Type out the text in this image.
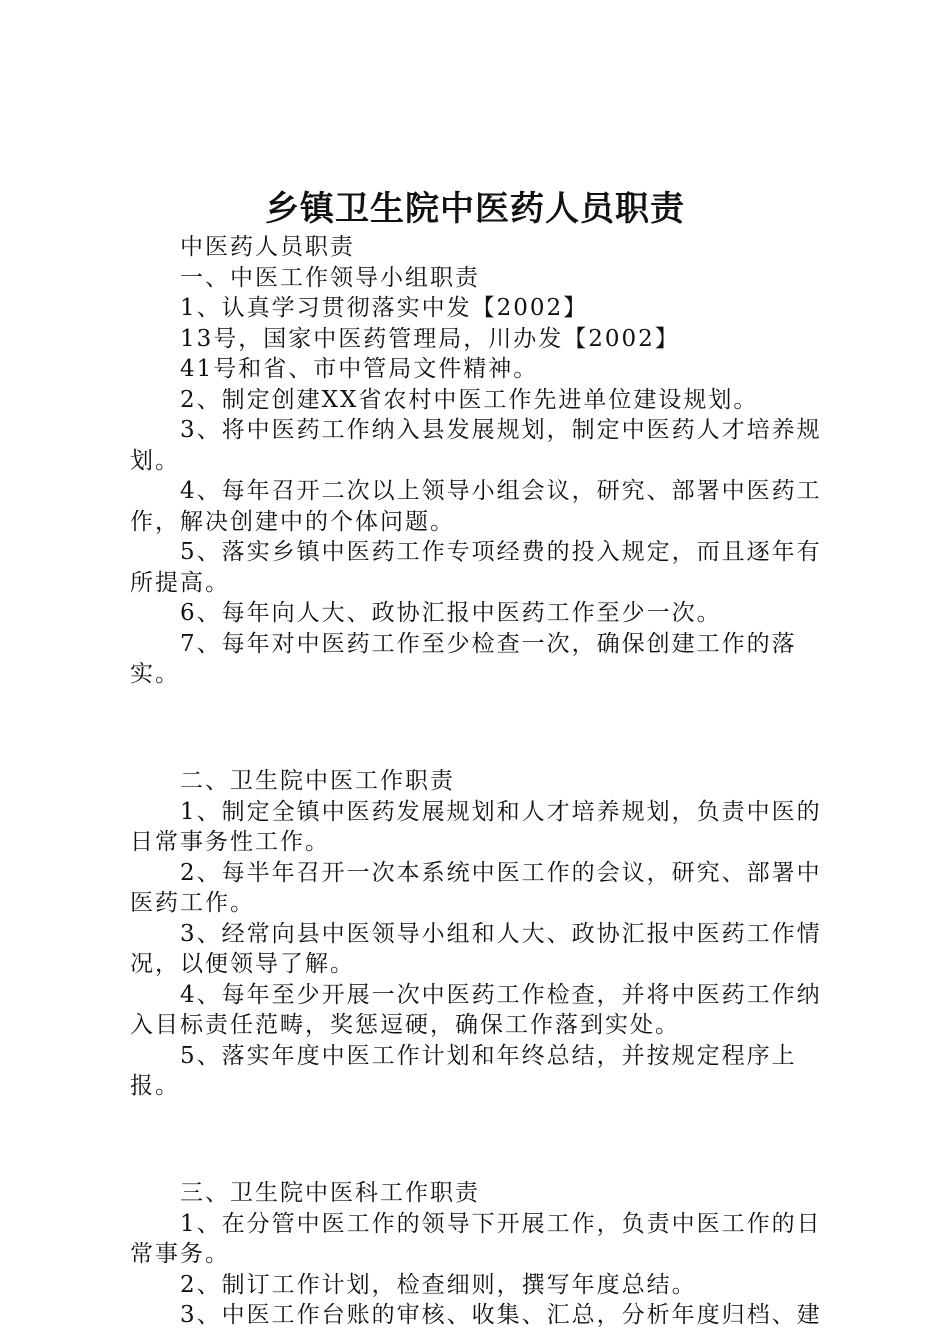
乡镇卫生院中医药人员职责

中医药人员职责

一、中医工作领导小组职责

1、认真学习贯彻落实中发【2002】

13号，国家中医药管理局，川办发【2002】

41号和省、市中管局文件精神。

2、制定创建XX省农村中医工作先进单位建设规划。

3、将中医药工作纳入县发展规划，制定中医药人才培养规划。

4、每年召开二次以上领导小组会议，研究、部署中医药工作，解决创建中的个体问题。

5、落实乡镇中医药工作专项经费的投入规定，而且逐年有所提高。

6、每年向人大、政协汇报中医药工作至少一次。

7、每年对中医药工作至少检查一次，确保创建工作的落实。

二、卫生院中医工作职责

1、制定全镇中医药发展规划和人才培养规划，负责中医的日常事务性工作。

2、每半年召开一次本系统中医工作的会议，研究、部署中医药工作。

3、经常向县中医领导小组和人大、政协汇报中医药工作情况，以便领导了解。

4、每年至少开展一次中医药工作检查，并将中医药工作纳入目标责任范畴，奖惩逗硬，确保工作落到实处。

5、落实年度中医工作计划和年终总结，并按规定程序上报。

三、卫生院中医科工作职责

1、在分管中医工作的领导下开展工作，负责中医工作的日常事务。

2、制订工作计划，检查细则，撰写年度总结。

3、中医工作台账的审核、收集、汇总，分析年度归档、建
